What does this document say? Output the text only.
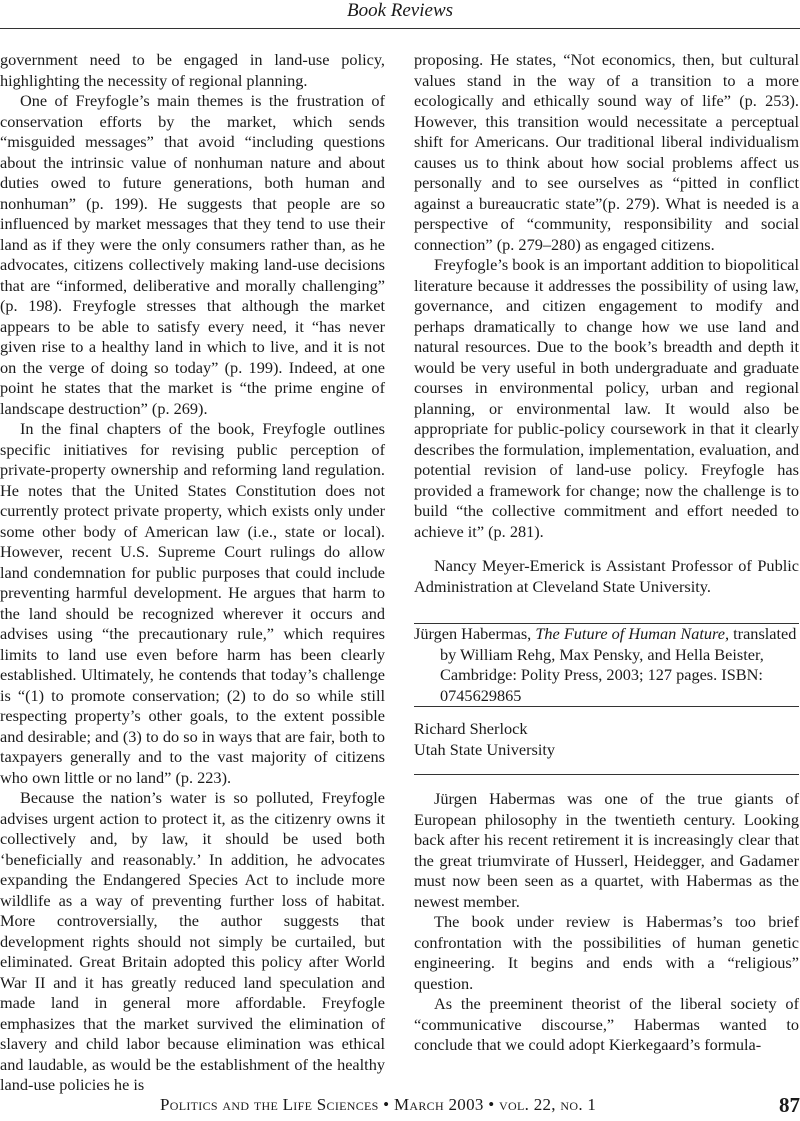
Book Reviews

government need to be engaged in land-use policy, highlighting the necessity of regional planning.

One of Freyfogle’s main themes is the frustration of conservation efforts by the market, which sends “misguided messages” that avoid “including questions about the intrinsic value of nonhuman nature and about duties owed to future generations, both human and nonhuman” (p. 199). He suggests that people are so influenced by market messages that they tend to use their land as if they were the only consumers rather than, as he advocates, citizens collectively making land-use decisions that are “informed, deliberative and morally challenging” (p. 198). Freyfogle stresses that although the market appears to be able to satisfy every need, it “has never given rise to a healthy land in which to live, and it is not on the verge of doing so today” (p. 199). Indeed, at one point he states that the market is “the prime engine of landscape destruction” (p. 269).

In the final chapters of the book, Freyfogle outlines specific initiatives for revising public perception of private-property ownership and reforming land regulation. He notes that the United States Constitution does not currently protect private property, which exists only under some other body of American law (i.e., state or local). However, recent U.S. Supreme Court rulings do allow land condemnation for public purposes that could include preventing harmful development. He argues that harm to the land should be recognized wherever it occurs and advises using “the precautionary rule,” which requires limits to land use even before harm has been clearly established. Ultimately, he contends that today’s challenge is “(1) to promote conservation; (2) to do so while still respecting property’s other goals, to the extent possible and desirable; and (3) to do so in ways that are fair, both to taxpayers generally and to the vast majority of citizens who own little or no land” (p. 223).

Because the nation’s water is so polluted, Freyfogle advises urgent action to protect it, as the citizenry owns it collectively and, by law, it should be used both ‘beneficially and reasonably.’ In addition, he advocates expanding the Endangered Species Act to include more wildlife as a way of preventing further loss of habitat. More controversially, the author suggests that development rights should not simply be curtailed, but eliminated. Great Britain adopted this policy after World War II and it has greatly reduced land speculation and made land in general more affordable. Freyfogle emphasizes that the market survived the elimination of slavery and child labor because elimination was ethical and laudable, as would be the establishment of the healthy land-use policies he is

proposing. He states, “Not economics, then, but cultural values stand in the way of a transition to a more ecologically and ethically sound way of life” (p. 253). However, this transition would necessitate a perceptual shift for Americans. Our traditional liberal individualism causes us to think about how social problems affect us personally and to see ourselves as “pitted in conflict against a bureaucratic state”(p. 279). What is needed is a perspective of “community, responsibility and social connection” (p. 279–280) as engaged citizens.

Freyfogle’s book is an important addition to biopolitical literature because it addresses the possibility of using law, governance, and citizen engagement to modify and perhaps dramatically to change how we use land and natural resources. Due to the book’s breadth and depth it would be very useful in both undergraduate and graduate courses in environmental policy, urban and regional planning, or environmental law. It would also be appropriate for public-policy coursework in that it clearly describes the formulation, implementation, evaluation, and potential revision of land-use policy. Freyfogle has provided a framework for change; now the challenge is to build “the collective commitment and effort needed to achieve it” (p. 281).

Nancy Meyer-Emerick is Assistant Professor of Public Administration at Cleveland State University.

Jürgen Habermas, The Future of Human Nature, translated by William Rehg, Max Pensky, and Hella Beister, Cambridge: Polity Press, 2003; 127 pages. ISBN: 0745629865

Richard Sherlock
Utah State University

Jürgen Habermas was one of the true giants of European philosophy in the twentieth century. Looking back after his recent retirement it is increasingly clear that the great triumvirate of Husserl, Heidegger, and Gadamer must now been seen as a quartet, with Habermas as the newest member.

The book under review is Habermas’s too brief confrontation with the possibilities of human genetic engineering. It begins and ends with a “religious” question.

As the preeminent theorist of the liberal society of “communicative discourse,” Habermas wanted to conclude that we could adopt Kierkegaard’s formula-

Politics and the Life Sciences • March 2003 • vol. 22, no. 1	87
